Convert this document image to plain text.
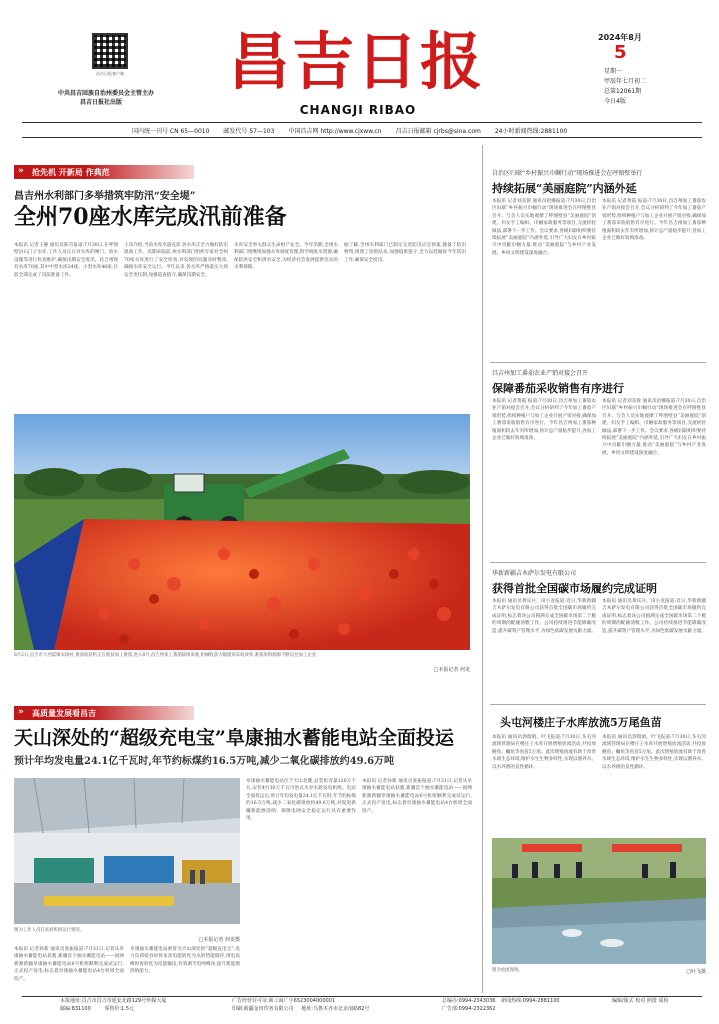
昌吉日报客户端
中共昌吉回族自治州委员会主管主办
昌吉日报社出版
昌吉日报
CHANGJI RIBAO
2024年8月
5
星期一
甲辰年七月初二
总第12061期
今日4版
国内统一刊号 CN 65—0010 邮发代号 57—103 中国昌吉网 http://www.cjxww.cn 昌吉日报邮箱 cjrbs@sina.com 24小时新闻热线:2881100
» 抢先机 开新局 作典范
昌吉州水利部门多举措筑牢防汛“安全堤”
全州70座水库完成汛前准备
本报讯 记者王静 通讯员陈雪报道:7月30日,在呼图壁县石门子水库,工作人员正在对水库的闸门、放水设施等进行检查维护,确保汛期安全度汛。昌吉州现有水库70座,其中中型水库24座、小型水库46座,目前全部完成了汛前准备工作。
王泽介绍,当前水库水量充沛,各水库正全力做好防汛准备工作。汛期来临前,州水利部门组织专家对全州70座水库进行了安全检查,对发现的问题及时整改,确保水库安全运行。今年以来,各水库严格落实大坝安全责任制,加强巡查值守,确保汛期安全。
水库安全事关群众生命财产安全。今年汛期,全州水利部门将继续加强水库调度管理,科学调度水资源,确保防洪安全和供水安全,为经济社会发展提供坚实的水利保障。
据了解,全州水利部门已制定完善防汛应急预案,储备了防汛物资,组建了抢险队伍,加强值班值守,全力以赴做好今年防汛工作,确保安全度汛。
8月2日,昌吉市大西渠镇农场村,番茄收获机正在收获加工番茄,进入8月,昌吉州加工番茄陆续采收,机械收获大幅提高采收效率,番茄原料源源不断运往加工企业。
□本报记者 何龙
» 高质量发展看昌吉
天山深处的“超级充电宝”阜康抽水蓄能电站全面投运
预计年均发电量24.1亿千瓦时,年节约标煤约16.5万吨,减少二氧化碳排放约49.6万吨
图为工作人员在查看机组运行情况。
□本报记者 何龙摄
本报讯 记者孙新 通讯员张振报道:7月31日,记者从阜康抽水蓄能电站获悉,新疆首个抽水蓄能电站——国网新源新疆阜康抽水蓄能电站6号机组顺利完成试运行,正式投产发电,标志着阜康抽水蓄能电站4台机组全面投产。
阜康抽水蓄能电站被誉为天山深处的“超级充电宝”,电力负荷低谷时将多余电能转化为水的势能储存,用电高峰时再转化为电能输送,有效调节电网峰谷,提升新能源消纳能力。
阜康抽水蓄能电站位于天山北麓,总装机容量120万千瓦,安装4台30万千瓦可逆式水泵水轮发电机组。电站全面投运后,预计年均发电量24.1亿千瓦时,年节约标煤约16.5万吨,减少二氧化碳排放约49.6万吨,对促进新疆新能源消纳、保障电网安全稳定运行具有重要作用。
本报讯 记者孙新 通讯员张振报道:7月31日,记者从阜康抽水蓄能电站获悉,新疆首个抽水蓄能电站——国网新源新疆阜康抽水蓄能电站6号机组顺利完成试运行,正式投产发电,标志着阜康抽水蓄能电站4台机组全面投产。
自治区归联“乡村振兴巾帼行动”现场推进会在呼图壁举行
持续拓展“美丽庭院”内涵外延
本报讯 记者刘美蓉 通讯员赵娜报道:7月30日,自治区妇联“乡村振兴巾帼行动”现场推进会在呼图壁县召开。与会人员实地观摩了呼图壁县“美丽庭院”创建、妇女手工编织、巾帼家政服务等项目,交流经验做法,部署下一步工作。会议要求,各级妇联组织要持续拓展“美丽庭院”内涵外延,引导广大妇女在乡村振兴中贡献巾帼力量,推动“美丽庭院”与乡村产业发展、乡风文明建设深度融合。
本报讯 记者黄霞 报道:7月30日,昌吉州加工番茄农业产销对接会召开,会议分析研判了今年加工番茄产销形势,组织种植户与加工企业开展产销对接,确保加工番茄采收销售有序进行。今年昌吉州加工番茄种植面积较去年有所增加,预计总产量稳步提升,各加工企业已做好收购准备。
昌吉州加工番茄农业产销对接会召开
保障番茄采收销售有序进行
本报讯 记者黄霞 报道:7月30日,昌吉州加工番茄农业产销对接会召开,会议分析研判了今年加工番茄产销形势,组织种植户与加工企业开展产销对接,确保加工番茄采收销售有序进行。今年昌吉州加工番茄种植面积较去年有所增加,预计总产量稳步提升,各加工企业已做好收购准备。
本报讯 记者刘美蓉 通讯员赵娜报道:7月30日,自治区妇联“乡村振兴巾帼行动”现场推进会在呼图壁县召开。与会人员实地观摩了呼图壁县“美丽庭院”创建、妇女手工编织、巾帼家政服务等项目,交流经验做法,部署下一步工作。会议要求,各级妇联组织要持续拓展“美丽庭院”内涵外延,引导广大妇女在乡村振兴中贡献巾帼力量,推动“美丽庭院”与乡村产业发展、乡风文明建设深度融合。
华新新疆吉木萨尔发电有限公司
获得首批全国碳市场履约完成证明
本报讯 通讯员黄宾兵、田小龙报道:近日,华新新疆吉木萨尔发电有限公司获得首批全国碳市场履约完成证明,标志着该公司圆满完成全国碳市场第二个履约周期的配额清缴工作。公司持续推进节能降碳改造,提升碳资产管理水平,为绿色低碳发展贡献力量。
本报讯 通讯员黄宾兵、田小龙报道:近日,华新新疆吉木萨尔发电有限公司获得首批全国碳市场履约完成证明,标志着该公司圆满完成全国碳市场第二个履约周期的配额清缴工作。公司持续推进节能降碳改造,提升碳资产管理水平,为绿色低碳发展贡献力量。
头屯河楼庄子水库放流5万尾鱼苗
本报讯 通讯员郭瑞娟、叶飞报道:7月30日,头屯河流域管理局在楼庄子水库开展增殖放流活动,共投放鲢鱼、鳙鱼等鱼苗5万尾。此次增殖放流有助于改善水域生态环境,维护水生生物多样性,实现以渔养水、以水养渔的良性循环。
本报讯 通讯员郭瑞娟、叶飞报道:7月30日,头屯河流域管理局在楼庄子水库开展增殖放流活动,共投放鲢鱼、鳙鱼等鱼苗5万尾。此次增殖放流有助于改善水域生态环境,维护水生生物多样性,实现以渔养水、以水养渔的良性循环。
图为放流现场。	□叶飞摄
本报地址:昌吉市昌吉市延安北路129号传媒大厦
邮编:831100	零售价:1.5元
广告经营许可证:新工商广字6523004000001
印刷:新疆金田印务有限公司 地址:乌鲁木齐市北京南路82号
总编办:0994-2343036 新闻热线:0994-2881100
广告部:0994-2322362
编辑/版式 校对 照排 质检
